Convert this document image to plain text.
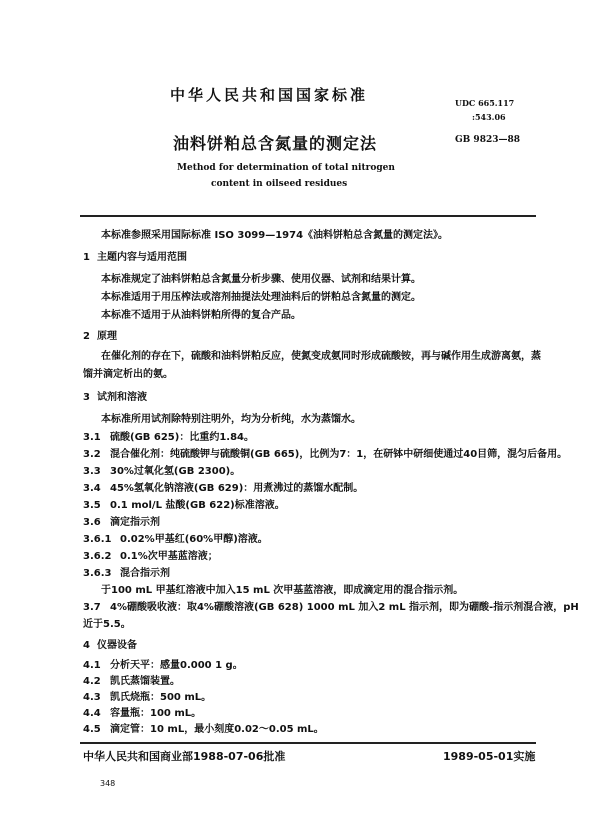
中华人民共和国国家标准	UDC 665.117
:543.06
油料饼粕总含氮量的测定法	GB 9823—88
Method for determination of total nitrogen
content in oilseed residues
本标准参照采用国际标准 ISO 3099—1974《油料饼粕总含氮量的测定法》。
1 主题内容与适用范围
本标准规定了油料饼粕总含氮量分析步骤、使用仪器、试剂和结果计算。
本标准适用于用压榨法或溶剂抽提法处理油料后的饼粕总含氮量的测定。
本标准不适用于从油料饼粕所得的复合产品。
2 原理
在催化剂的存在下，硫酸和油料饼粕反应，使氮变成氨同时形成硫酸铵，再与碱作用生成游离氨，蒸
馏并滴定析出的氨。
3 试剂和溶液
本标准所用试剂除特别注明外，均为分析纯，水为蒸馏水。
3.1 硫酸(GB 625)：比重约1.84。
3.2 混合催化剂：纯硫酸钾与硫酸铜(GB 665)，比例为7：1，在研钵中研细使通过40目筛，混匀后备用。
3.3 30%过氧化氢(GB 2300)。
3.4 45%氢氧化钠溶液(GB 629)：用煮沸过的蒸馏水配制。
3.5 0.1 mol/L 盐酸(GB 622)标准溶液。
3.6 滴定指示剂
3.6.1 0.02%甲基红(60%甲醇)溶液。
3.6.2 0.1%次甲基蓝溶液；
3.6.3 混合指示剂
于100 mL 甲基红溶液中加入15 mL 次甲基蓝溶液，即成滴定用的混合指示剂。
3.7 4%硼酸吸收液：取4%硼酸溶液(GB 628) 1000 mL 加入2 mL 指示剂，即为硼酸-指示剂混合液，pH
近于5.5。
4 仪器设备
4.1 分析天平：感量0.000 1 g。
4.2 凯氏蒸馏装置。
4.3 凯氏烧瓶：500 mL。
4.4 容量瓶：100 mL。
4.5 滴定管：10 mL，最小刻度0.02～0.05 mL。
中华人民共和国商业部1988-07-06批准	1989-05-01实施
348
